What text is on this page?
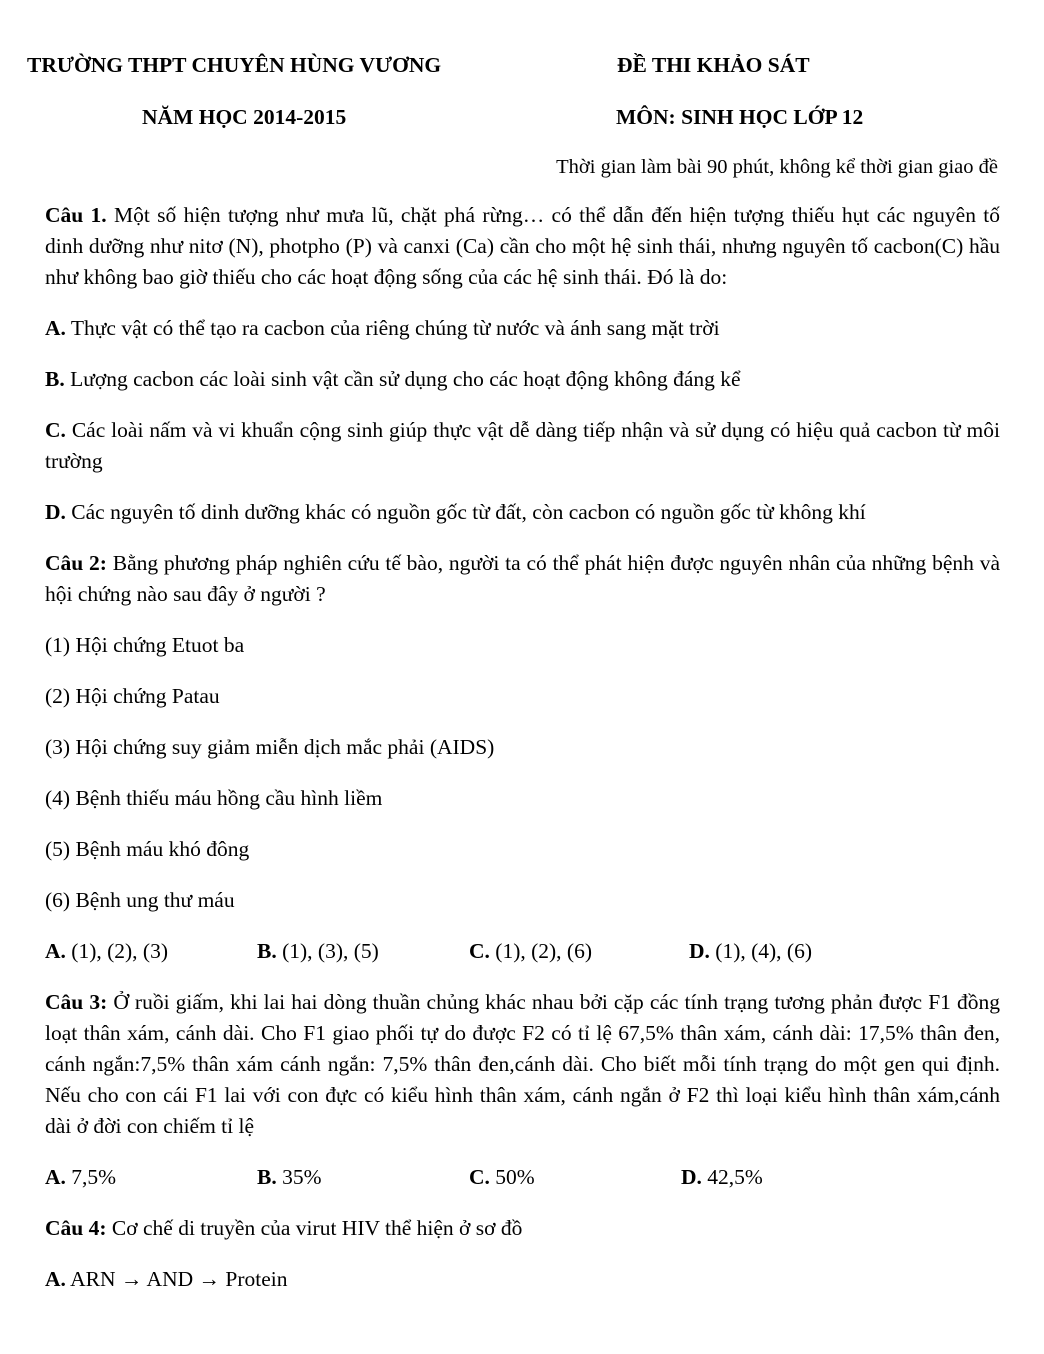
TRƯỜNG THPT CHUYÊN HÙNG VƯƠNG	ĐỀ THI KHẢO SÁT
NĂM HỌC 2014-2015	MÔN: SINH HỌC LỚP 12
Thời gian làm bài 90 phút, không kể thời gian giao đề

Câu 1. Một số hiện tượng như mưa lũ, chặt phá rừng… có thể dẫn đến hiện tượng thiếu hụt các nguyên tố dinh dưỡng như nitơ (N), photpho (P) và canxi (Ca) cần cho một hệ sinh thái, nhưng nguyên tố cacbon(C) hầu như không bao giờ thiếu cho các hoạt động sống của các hệ sinh thái. Đó là do:

A. Thực vật có thể tạo ra cacbon của riêng chúng từ nước và ánh sang mặt trời

B. Lượng cacbon các loài sinh vật cần sử dụng cho các hoạt động không đáng kể

C. Các loài nấm và vi khuẩn cộng sinh giúp thực vật dễ dàng tiếp nhận và sử dụng có hiệu quả cacbon từ môi trường

D. Các nguyên tố dinh dưỡng khác có nguồn gốc từ đất, còn cacbon có nguồn gốc từ không khí

Câu 2: Bằng phương pháp nghiên cứu tế bào, người ta có thể phát hiện được nguyên nhân của những bệnh và hội chứng nào sau đây ở người ?

(1) Hội chứng Etuot ba
(2) Hội chứng Patau
(3) Hội chứng suy giảm miễn dịch mắc phải (AIDS)
(4) Bệnh thiếu máu hồng cầu hình liềm
(5) Bệnh máu khó đông
(6) Bệnh ung thư máu
A. (1), (2), (3)	B. (1), (3), (5)	C. (1), (2), (6)	D. (1), (4), (6)

Câu 3: Ở ruồi giấm, khi lai hai dòng thuần chủng khác nhau bởi cặp các tính trạng tương phản được F1 đồng loạt thân xám, cánh dài. Cho F1 giao phối tự do được F2 có tỉ lệ 67,5% thân xám, cánh dài: 17,5% thân đen, cánh ngắn:7,5% thân xám cánh ngắn: 7,5% thân đen,cánh dài. Cho biết mỗi tính trạng do một gen qui định. Nếu cho con cái F1 lai với con đực có kiểu hình thân xám, cánh ngắn ở F2 thì loại kiểu hình thân xám,cánh dài ở đời con chiếm tỉ lệ

A. 7,5%	B. 35%	C. 50%	D. 42,5%

Câu 4: Cơ chế di truyền của virut HIV thể hiện ở sơ đồ

A. ARN → AND → Protein
